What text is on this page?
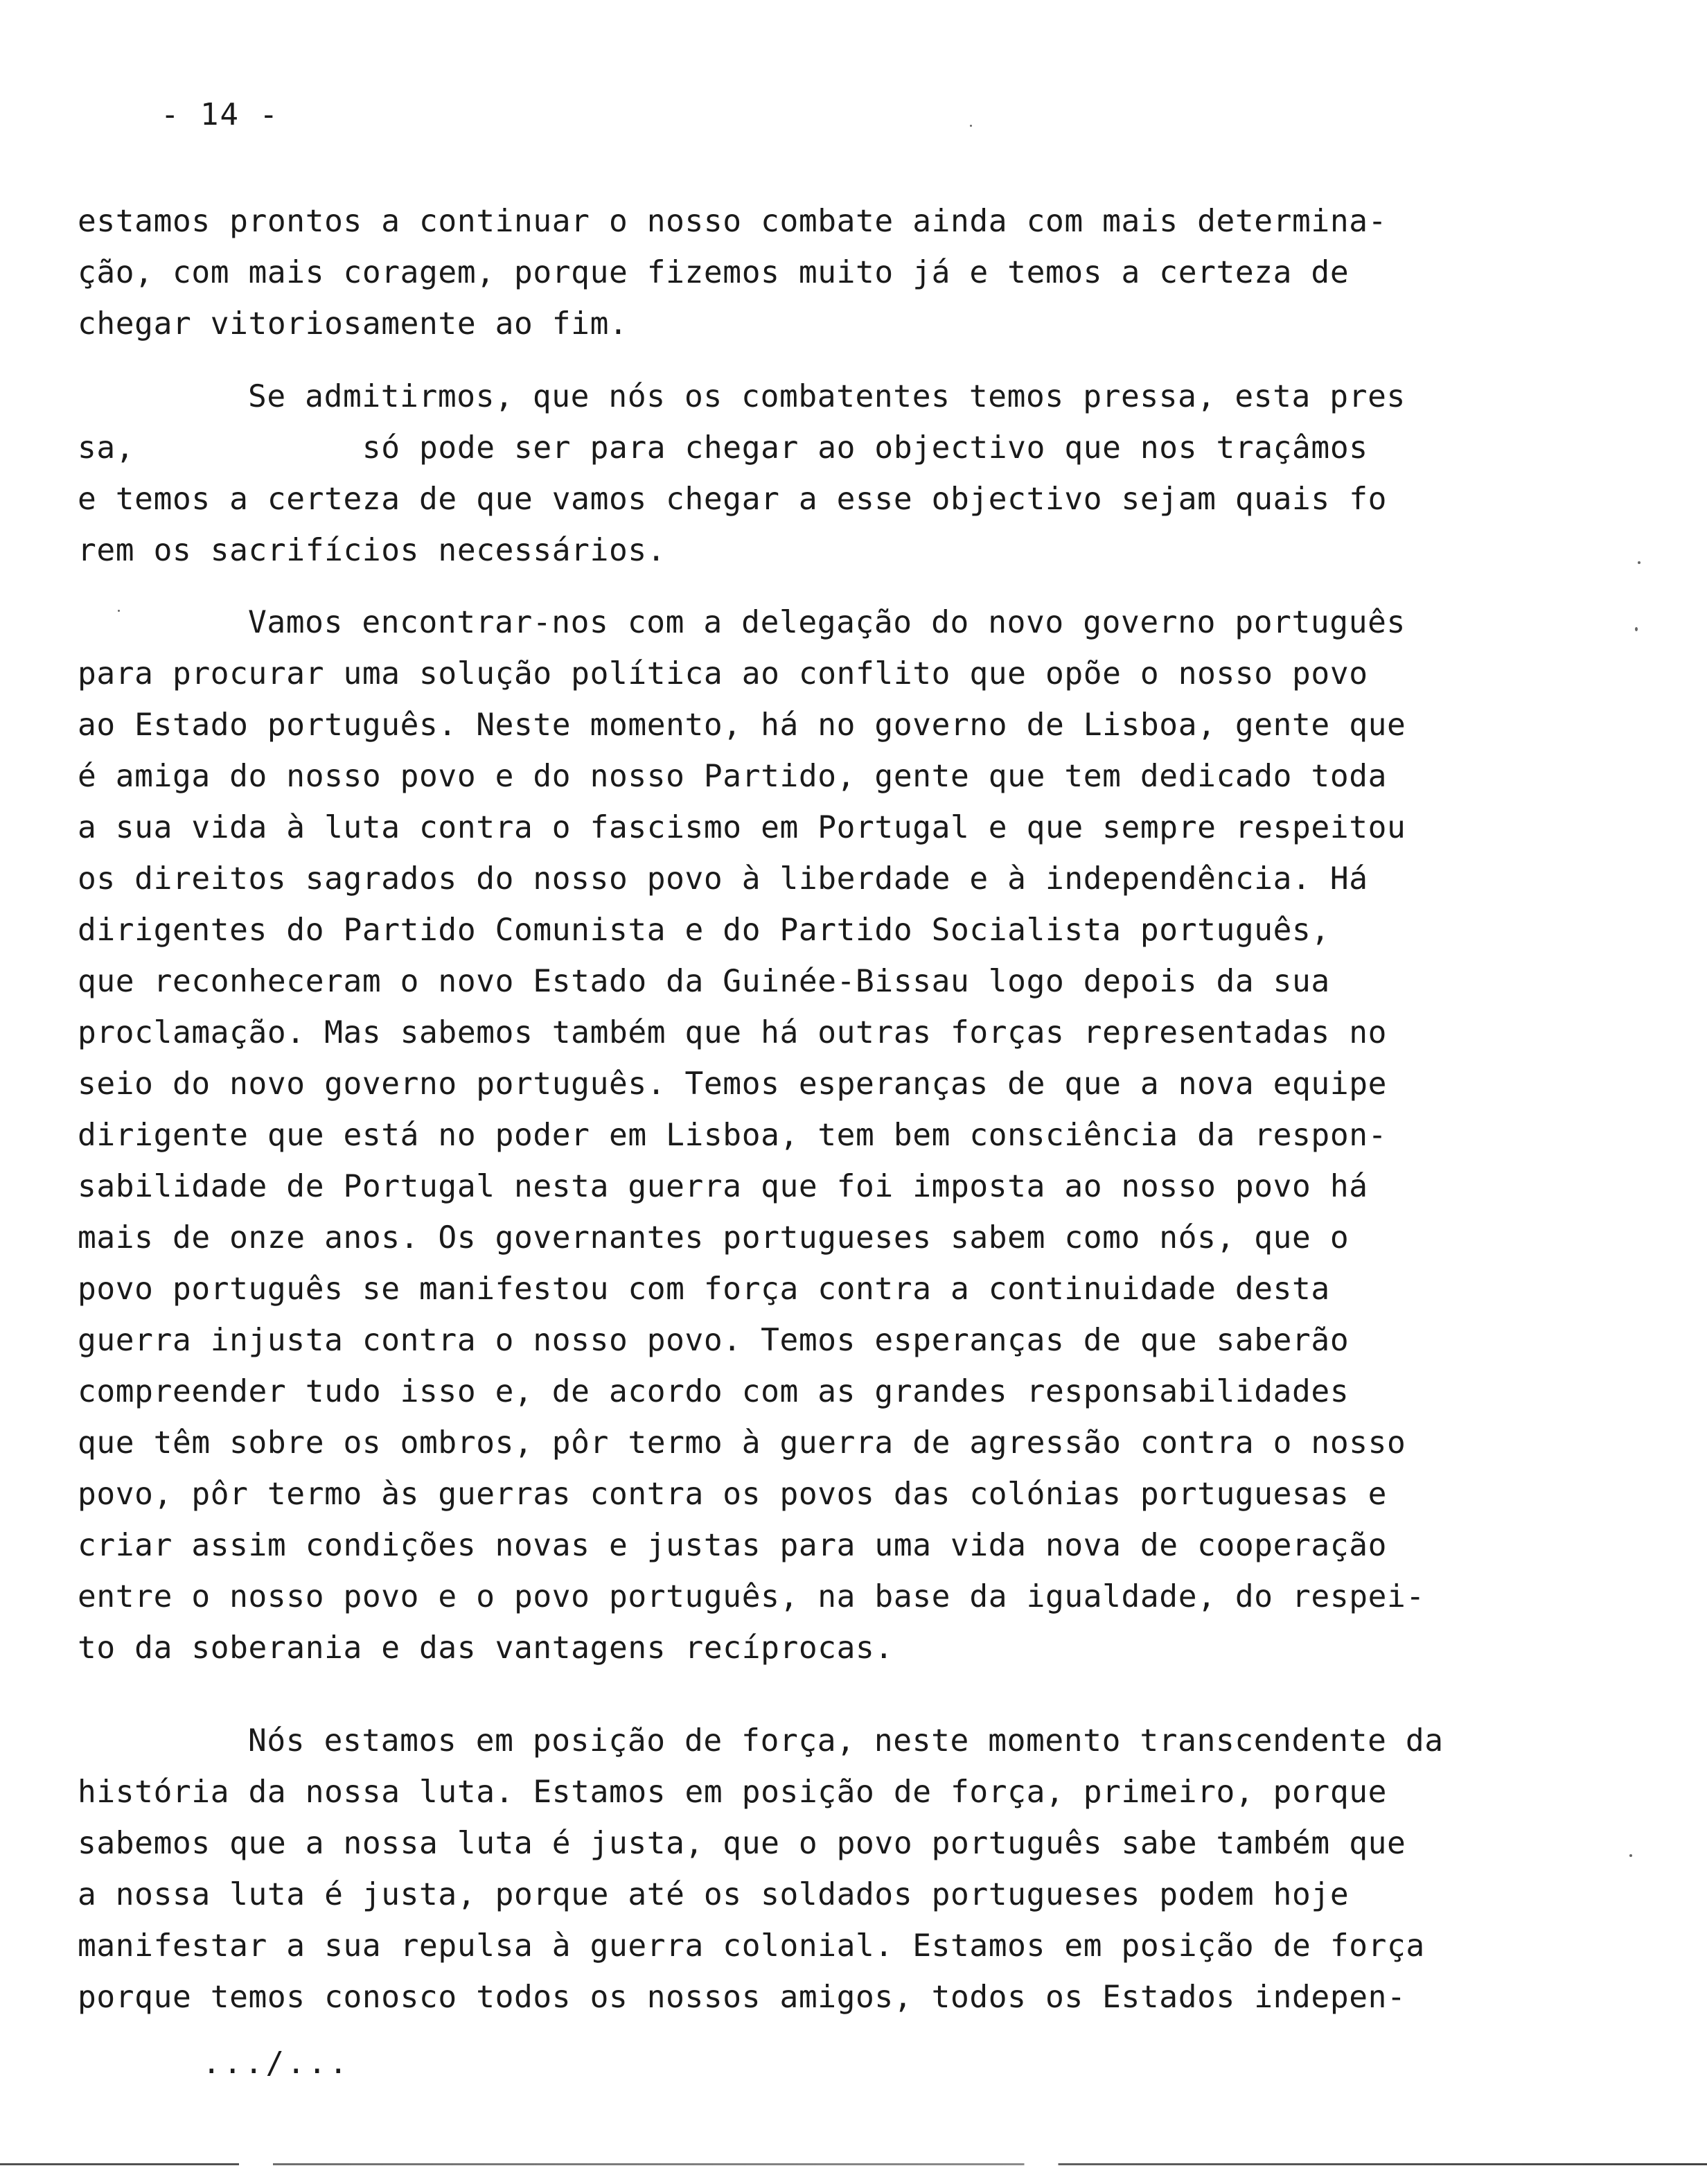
- 14 -
estamos prontos a continuar o nosso combate ainda com mais determina-
ção, com mais coragem, porque fizemos muito já e temos a certeza de
chegar vitoriosamente ao fim.
Se admitirmos, que nós os combatentes temos pressa, esta pres
sa,            só pode ser para chegar ao objectivo que nos traçâmos
e temos a certeza de que vamos chegar a esse objectivo sejam quais fo
rem os sacrifícios necessários.
Vamos encontrar-nos com a delegação do novo governo português
para procurar uma solução política ao conflito que opõe o nosso povo
ao Estado português. Neste momento, há no governo de Lisboa, gente que
é amiga do nosso povo e do nosso Partido, gente que tem dedicado toda
a sua vida à luta contra o fascismo em Portugal e que sempre respeitou
os direitos sagrados do nosso povo à liberdade e à independência. Há
dirigentes do Partido Comunista e do Partido Socialista português,
que reconheceram o novo Estado da Guinée-Bissau logo depois da sua
proclamação. Mas sabemos também que há outras forças representadas no
seio do novo governo português. Temos esperanças de que a nova equipe
dirigente que está no poder em Lisboa, tem bem consciência da respon-
sabilidade de Portugal nesta guerra que foi imposta ao nosso povo há
mais de onze anos. Os governantes portugueses sabem como nós, que o
povo português se manifestou com força contra a continuidade desta
guerra injusta contra o nosso povo. Temos esperanças de que saberão
compreender tudo isso e, de acordo com as grandes responsabilidades
que têm sobre os ombros, pôr termo à guerra de agressão contra o nosso
povo, pôr termo às guerras contra os povos das colónias portuguesas e
criar assim condições novas e justas para uma vida nova de cooperação
entre o nosso povo e o povo português, na base da igualdade, do respei-
to da soberania e das vantagens recíprocas.
Nós estamos em posição de força, neste momento transcendente da
história da nossa luta. Estamos em posição de força, primeiro, porque
sabemos que a nossa luta é justa, que o povo português sabe também que
a nossa luta é justa, porque até os soldados portugueses podem hoje
manifestar a sua repulsa à guerra colonial. Estamos em posição de força
porque temos conosco todos os nossos amigos, todos os Estados indepen-
.../...
